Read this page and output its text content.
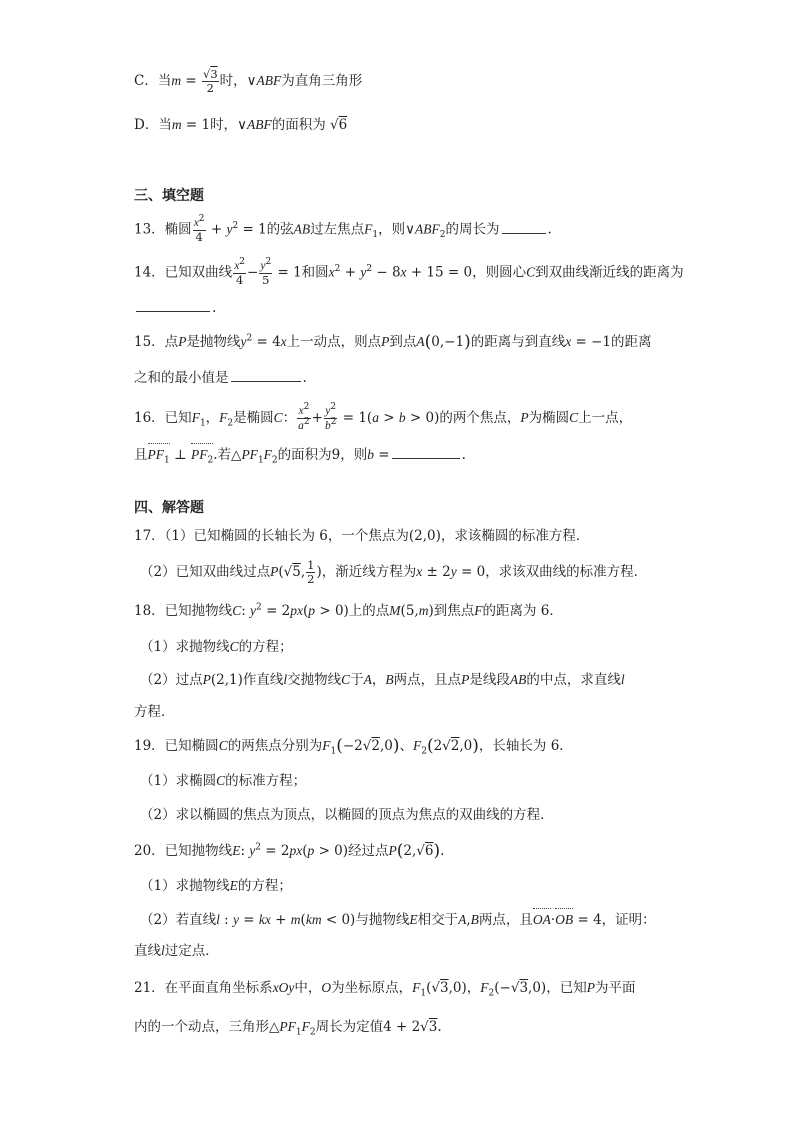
C．当$m = \frac{√3}{2}$ 时，∨ABF为直角三角形
D．当m = 1时，∨ABF的面积为 √6
三、填空题
13．椭圆 $\frac{x^2}{4} + y^2 = 1$的弦AB过左焦点$F_1$，则$\vee ABF_2$的周长为	.
14．已知双曲线 $\frac{x^2}{4} - \frac{y^2}{5} = 1$和圆$x^2 + y^2 - 8x + 15 = 0$，则圆心C到双曲线渐近线的距离为
.
15．点P是抛物线$y^2 = 4x$上一动点，则点P到点A(0,−1)的距离与到直线x = −1的距离
之和的最小值是	.
16．已知$F_1$，$F_2$是椭圆C： $\frac{x^2}{a^2} + \frac{y^2}{b^2} = 1(a > b > 0)$的两个焦点，P为椭圆C上一点，
且$PF_1$ ⊥ $PF_2$.若$\triangle PF_1F_2$的面积为9，则b =	.
四、解答题
17．（1）已知椭圆的长轴长为 6，一个焦点为(2,0)，求该椭圆的标准方程．
（2）已知双曲线过点P(√5, $\frac{1}{2}$ )，渐近线方程为x ± 2y = 0，求该双曲线的标准方程．
18．已知抛物线C: $y^2 = 2px(p > 0)$上的点M(5,m)到焦点F的距离为 6．
（1）求抛物线C的方程；
（2）过点P(2,1)作直线l交抛物线C于A，B两点，且点P是线段AB的中点，求直线l
方程．
19．已知椭圆C的两焦点分别为$F_1(-2√2,0)$、$F_2(2√2,0)$，长轴长为 6．
（1）求椭圆C的标准方程；
（2）求以椭圆的焦点为顶点，以椭圆的顶点为焦点的双曲线的方程．
20．已知抛物线E: $y^2 = 2px(p > 0)$经过点P(2,√6).
（1）求抛物线E的方程；
（2）若直线l : y = kx + m(km < 0)与抛物线E相交于A,B两点，且OA·OB = 4，证明：
直线l过定点．
21．在平面直角坐标系xOy中，O为坐标原点，$F_1(√3,0)$，$F_2(-√3,0)$，已知P为平面
内的一个动点，三角形$\triangle PF_1F_2$周长为定值4 + 2√3.
